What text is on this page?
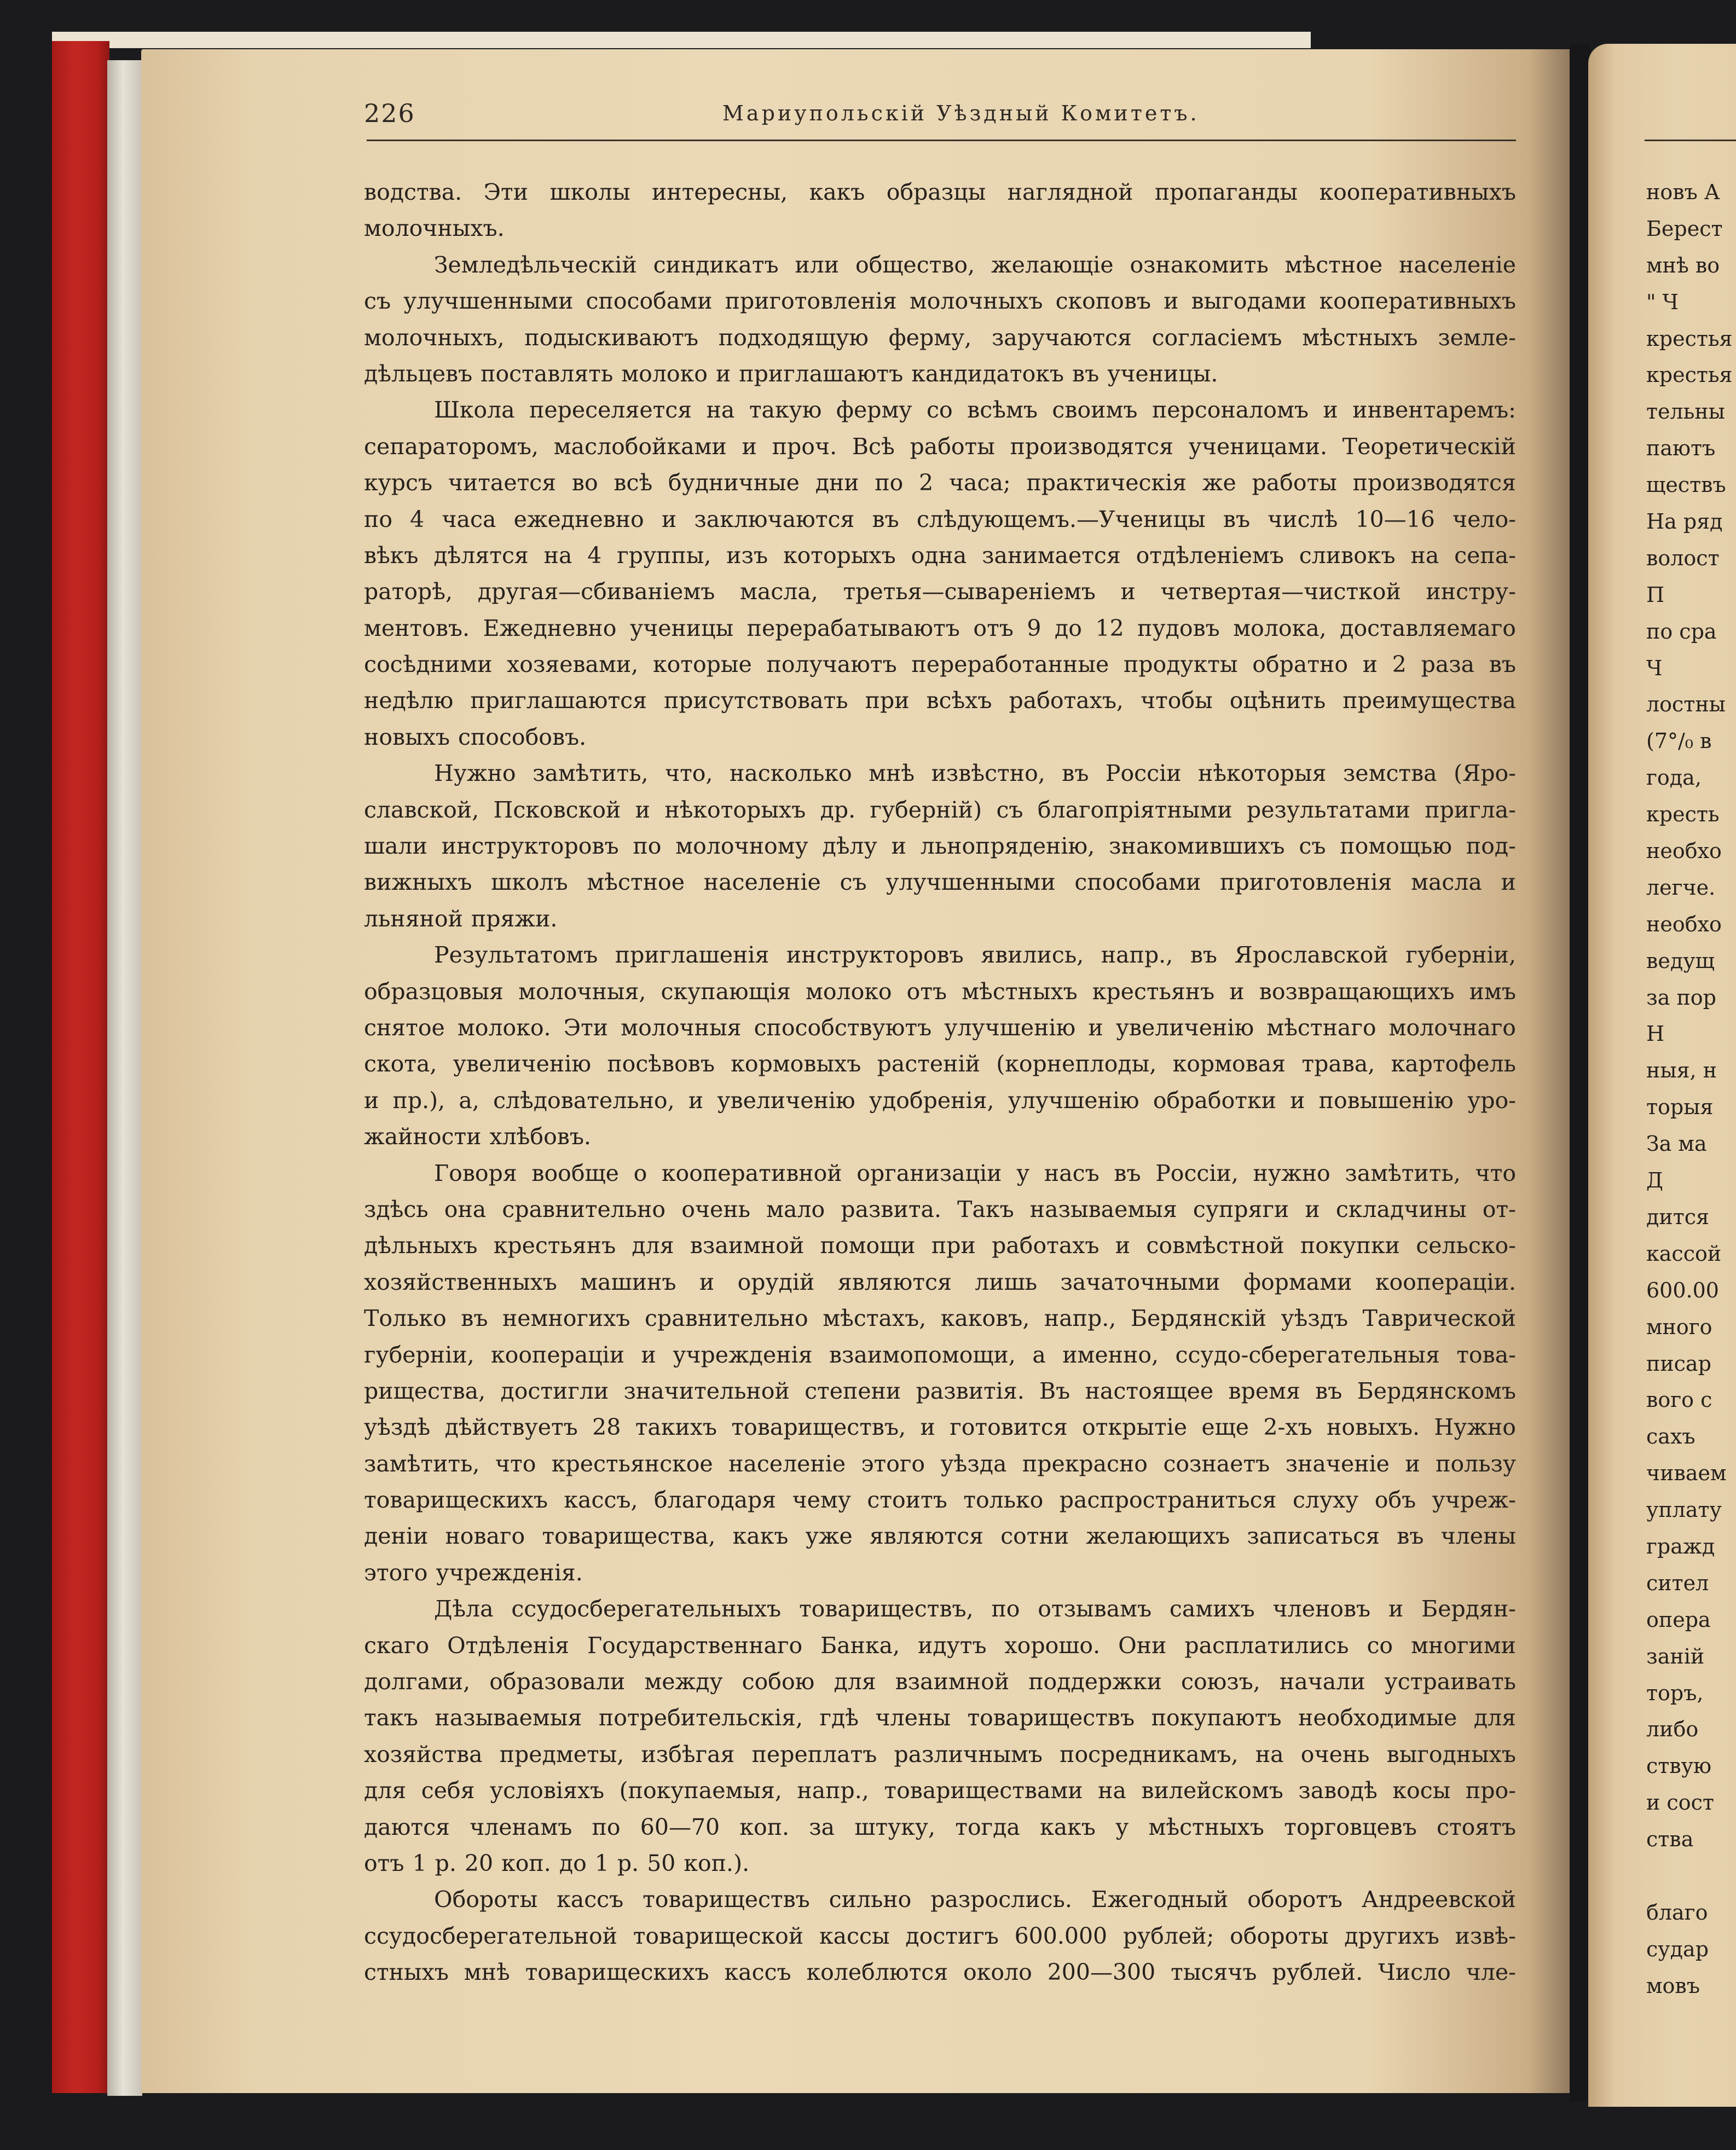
226	Мариупольскій Уѣздный Комитетъ.
водства. Эти школы интересны, какъ образцы наглядной пропаганды кооперативныхъ
молочныхъ.
Земледѣльческій синдикатъ или общество, желающіе ознакомить мѣстное населеніе
съ улучшенными способами приготовленія молочныхъ скоповъ и выгодами кооперативныхъ
молочныхъ, подыскиваютъ подходящую ферму, заручаются согласіемъ мѣстныхъ земле-
дѣльцевъ поставлять молоко и приглашаютъ кандидатокъ въ ученицы.
Школа переселяется на такую ферму со всѣмъ своимъ персоналомъ и инвентаремъ:
сепараторомъ, маслобойками и проч. Всѣ работы производятся ученицами. Теоретическій
курсъ читается во всѣ будничные дни по 2 часа; практическія же работы производятся
по 4 часа ежедневно и заключаются въ слѣдующемъ.—Ученицы въ числѣ 10—16 чело-
вѣкъ дѣлятся на 4 группы, изъ которыхъ одна занимается отдѣленіемъ сливокъ на сепа-
раторѣ, другая—сбиваніемъ масла, третья—сывареніемъ и четвертая—чисткой инстру-
ментовъ. Ежедневно ученицы перерабатываютъ отъ 9 до 12 пудовъ молока, доставляемаго
сосѣдними хозяевами, которые получаютъ переработанные продукты обратно и 2 раза въ
недѣлю приглашаются присутствовать при всѣхъ работахъ, чтобы оцѣнить преимущества
новыхъ способовъ.
Нужно замѣтить, что, насколько мнѣ извѣстно, въ Россіи нѣкоторыя земства (Яро-
славской, Псковской и нѣкоторыхъ др. губерній) съ благопріятными результатами пригла-
шали инструкторовъ по молочному дѣлу и льнопряденію, знакомившихъ съ помощью под-
вижныхъ школъ мѣстное населеніе съ улучшенными способами приготовленія масла и
льняной пряжи.
Результатомъ приглашенія инструкторовъ явились, напр., въ Ярославской губерніи,
образцовыя молочныя, скупающія молоко отъ мѣстныхъ крестьянъ и возвращающихъ имъ
снятое молоко. Эти молочныя способствуютъ улучшенію и увеличенію мѣстнаго молочнаго
скота, увеличенію посѣвовъ кормовыхъ растеній (корнеплоды, кормовая трава, картофель
и пр.), а, слѣдовательно, и увеличенію удобренія, улучшенію обработки и повышенію уро-
жайности хлѣбовъ.
Говоря вообще о кооперативной организаціи у насъ въ Россіи, нужно замѣтить, что
здѣсь она сравнительно очень мало развита. Такъ называемыя супряги и складчины от-
дѣльныхъ крестьянъ для взаимной помощи при работахъ и совмѣстной покупки сельско-
хозяйственныхъ машинъ и орудій являются лишь зачаточными формами коопераціи.
Только въ немногихъ сравнительно мѣстахъ, каковъ, напр., Бердянскій уѣздъ Таврической
губерніи, коопераціи и учрежденія взаимопомощи, а именно, ссудо-сберегательныя това-
рищества, достигли значительной степени развитія. Въ настоящее время въ Бердянскомъ
уѣздѣ дѣйствуетъ 28 такихъ товариществъ, и готовится открытіе еще 2-хъ новыхъ. Нужно
замѣтить, что крестьянское населеніе этого уѣзда прекрасно сознаетъ значеніе и пользу
товарищескихъ кассъ, благодаря чему стоитъ только распространиться слуху объ учреж-
деніи новаго товарищества, какъ уже являются сотни желающихъ записаться въ члены
этого учрежденія.
Дѣла ссудосберегательныхъ товариществъ, по отзывамъ самихъ членовъ и Бердян-
скаго Отдѣленія Государственнаго Банка, идутъ хорошо. Они расплатились со многими
долгами, образовали между собою для взаимной поддержки союзъ, начали устраивать
такъ называемыя потребительскія, гдѣ члены товариществъ покупаютъ необходимые для
хозяйства предметы, избѣгая переплатъ различнымъ посредникамъ, на очень выгодныхъ
для себя условіяхъ (покупаемыя, напр., товариществами на вилейскомъ заводѣ косы про-
даются членамъ по 60—70 коп. за штуку, тогда какъ у мѣстныхъ торговцевъ стоятъ
отъ 1 р. 20 коп. до 1 р. 50 коп.).
Обороты кассъ товариществъ сильно разрослись. Ежегодный оборотъ Андреевской
ссудосберегательной товарищеской кассы достигъ 600.000 рублей; обороты другихъ извѣ-
стныхъ мнѣ товарищескихъ кассъ колеблются около 200—300 тысячъ рублей. Число чле-
новъ А
Берест
мнѣ во
" Ч
крестья
крестья
тельны
паютъ
ществъ
На ряд
волост
П
по сра
Ч
лостны
(7°/₀ в
года,
кресть
необхо
легче.
необхо
ведущ
за пор
Н
ныя, н
торыя
За ма
Д
дится
кассой
600.00
много
писар
вого с
сахъ
чиваем
уплату
гражд
сител
опера
заній
торъ,
либо
ствую
и сост
ства
благо
судар
мовъ
